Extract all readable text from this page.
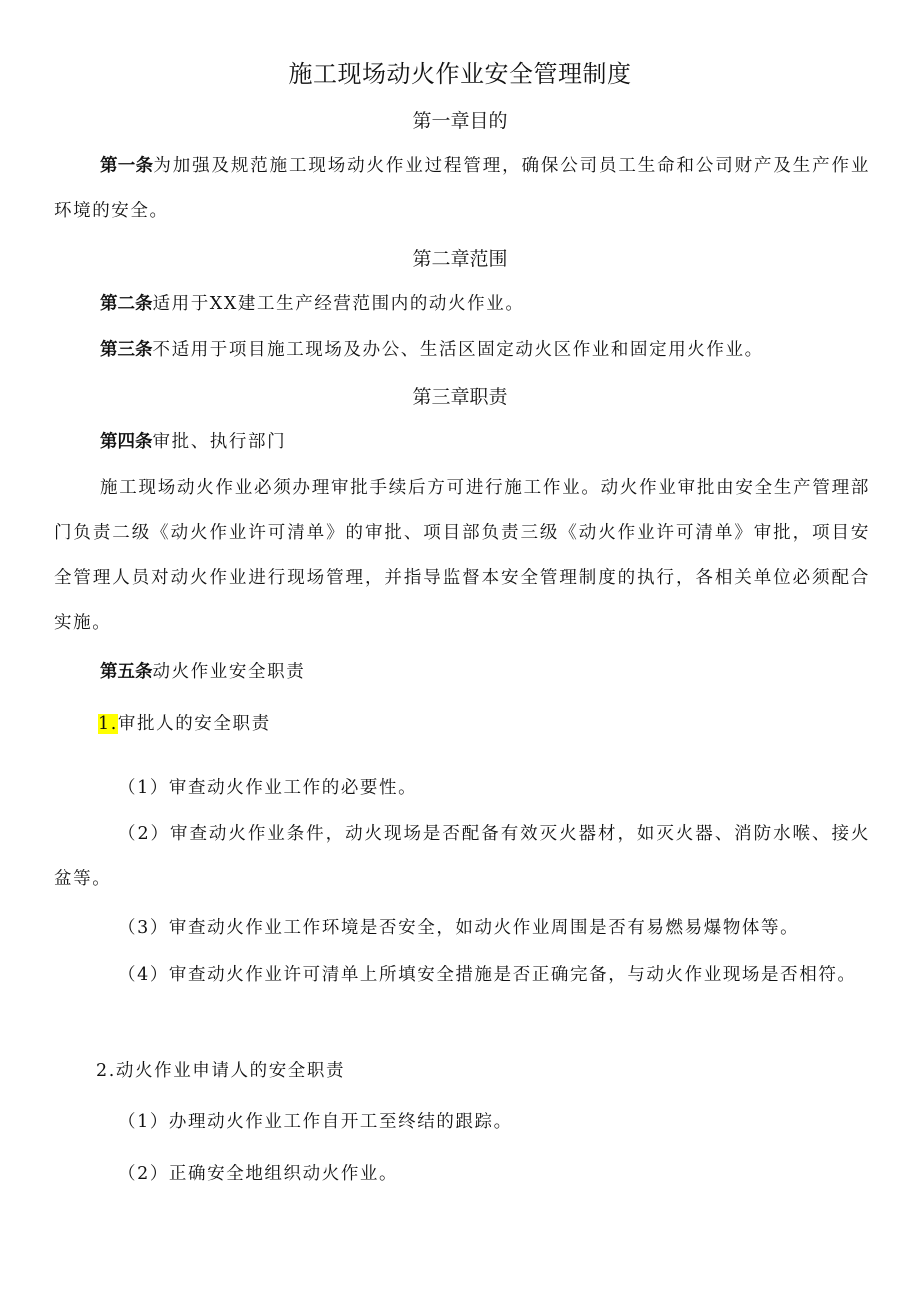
施工现场动火作业安全管理制度
第一章目的
第一条为加强及规范施工现场动火作业过程管理，确保公司员工生命和公司财产及生产作业环境的安全。
第二章范围
第二条适用于XX建工生产经营范围内的动火作业。
第三条不适用于项目施工现场及办公、生活区固定动火区作业和固定用火作业。
第三章职责
第四条审批、执行部门
施工现场动火作业必须办理审批手续后方可进行施工作业。动火作业审批由安全生产管理部门负责二级《动火作业许可清单》的审批、项目部负责三级《动火作业许可清单》审批，项目安全管理人员对动火作业进行现场管理，并指导监督本安全管理制度的执行，各相关单位必须配合实施。
第五条动火作业安全职责
1.审批人的安全职责
（1）审查动火作业工作的必要性。
（2）审查动火作业条件，动火现场是否配备有效灭火器材，如灭火器、消防水喉、接火盆等。
（3）审查动火作业工作环境是否安全，如动火作业周围是否有易燃易爆物体等。
（4）审查动火作业许可清单上所填安全措施是否正确完备，与动火作业现场是否相符。
2.动火作业申请人的安全职责
（1）办理动火作业工作自开工至终结的跟踪。
（2）正确安全地组织动火作业。
